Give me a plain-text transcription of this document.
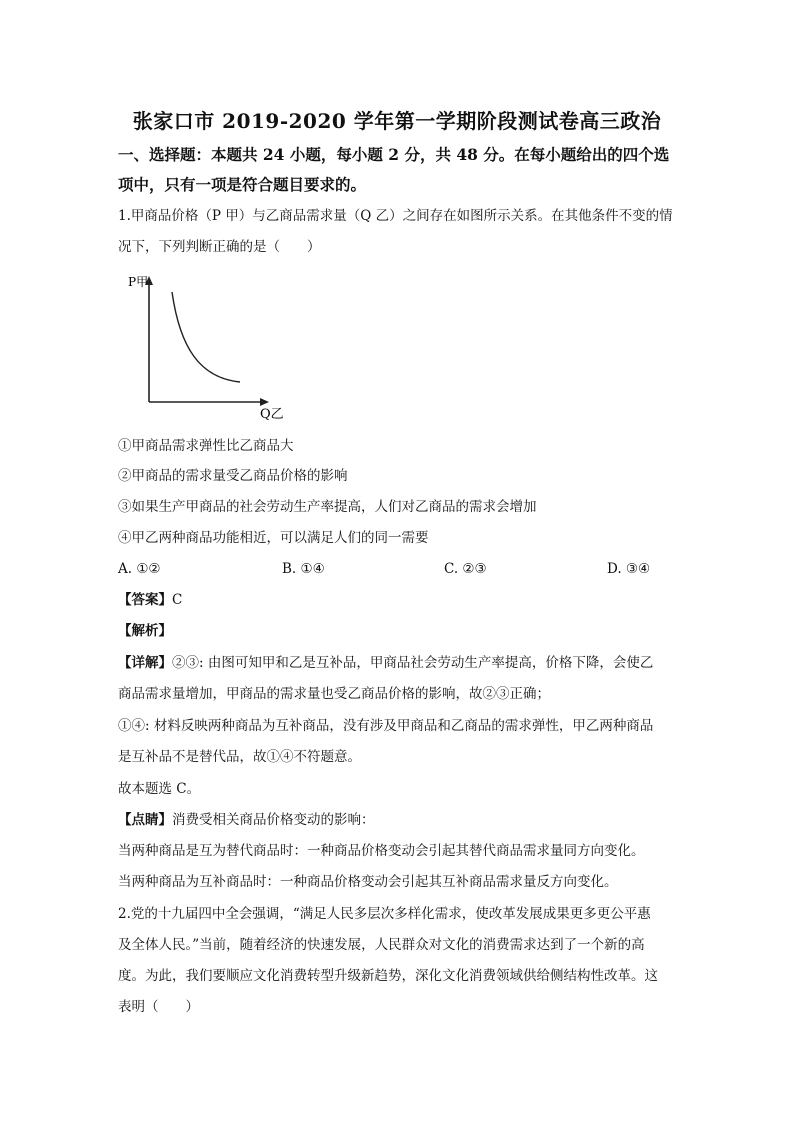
张家口市 2019-2020 学年第一学期阶段测试卷高三政治
一、选择题：本题共 24 小题，每小题 2 分，共 48 分。在每小题给出的四个选
项中，只有一项是符合题目要求的。
1.甲商品价格（P 甲）与乙商品需求量（Q 乙）之间存在如图所示关系。在其他条件不变的情
况下，下列判断正确的是（　　）
P甲
Q乙
①甲商品需求弹性比乙商品大
②甲商品的需求量受乙商品价格的影响
③如果生产甲商品的社会劳动生产率提高，人们对乙商品的需求会增加
④甲乙两种商品功能相近，可以满足人们的同一需要
A. ①②	B. ①④	C. ②③	D. ③④
【答案】C
【解析】
【详解】②③: 由图可知甲和乙是互补品，甲商品社会劳动生产率提高，价格下降，会使乙
商品需求量增加，甲商品的需求量也受乙商品价格的影响，故②③正确；
①④: 材料反映两种商品为互补商品，没有涉及甲商品和乙商品的需求弹性，甲乙两种商品
是互补品不是替代品，故①④不符题意。
故本题选 C。
【点睛】消费受相关商品价格变动的影响：
当两种商品是互为替代商品时：一种商品价格变动会引起其替代商品需求量同方向变化。
当两种商品为互补商品时：一种商品价格变动会引起其互补商品需求量反方向变化。
2.党的十九届四中全会强调，“满足人民多层次多样化需求，使改革发展成果更多更公平惠
及全体人民。”当前，随着经济的快速发展，人民群众对文化的消费需求达到了一个新的高
度。为此，我们要顺应文化消费转型升级新趋势，深化文化消费领域供给侧结构性改革。这
表明（　　）
